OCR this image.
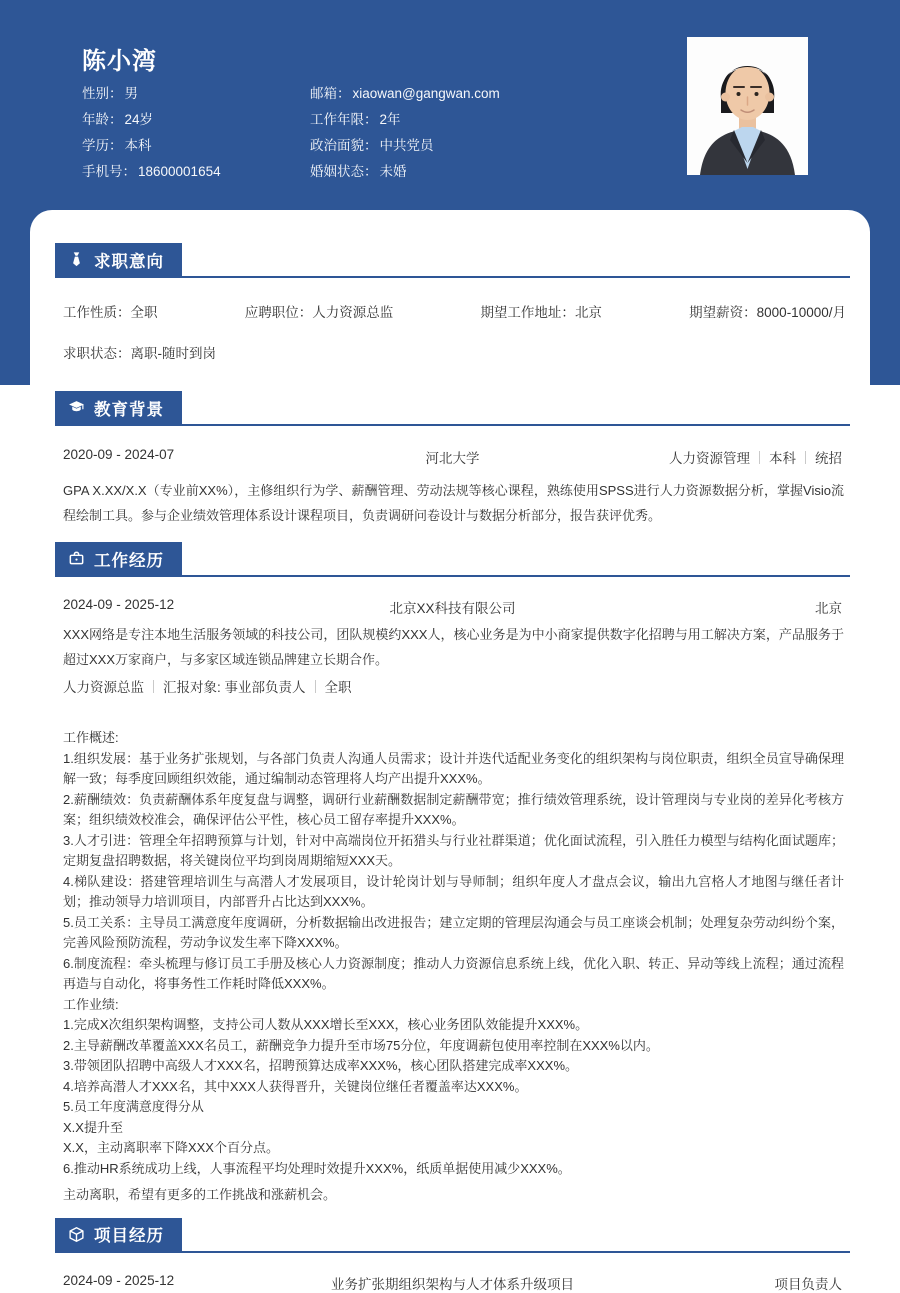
陈小湾
性别： 男
年龄： 24岁
学历： 本科
手机号： 18600001654
邮箱： xiaowan@gangwan.com
工作年限： 2年
政治面貌： 中共党员
婚姻状态： 未婚
求职意向
工作性质：全职	应聘职位：人力资源总监	期望工作地址：北京	期望薪资：8000-10000/月
求职状态：离职-随时到岗
教育背景
2020-09 - 2024-07	河北大学	人力资源管理 本科 统招
GPA X.XX/X.X（专业前XX%），主修组织行为学、薪酬管理、劳动法规等核心课程，熟练使用SPSS进行人力资源数据分析，掌握Visio流程绘制工具。参与企业绩效管理体系设计课程项目，负责调研问卷设计与数据分析部分，报告获评优秀。
工作经历
2024-09 - 2025-12	北京XX科技有限公司	北京
XXX网络是专注本地生活服务领域的科技公司，团队规模约XXX人，核心业务是为中小商家提供数字化招聘与用工解决方案，产品服务于超过XXX万家商户，与多家区域连锁品牌建立长期合作。
人力资源总监 汇报对象: 事业部负责人 全职
工作概述:
1.组织发展：基于业务扩张规划，与各部门负责人沟通人员需求；设计并迭代适配业务变化的组织架构与岗位职责，组织全员宣导确保理解一致；每季度回顾组织效能，通过编制动态管理将人均产出提升XXX%。
2.薪酬绩效：负责薪酬体系年度复盘与调整，调研行业薪酬数据制定薪酬带宽；推行绩效管理系统，设计管理岗与专业岗的差异化考核方案；组织绩效校准会，确保评估公平性，核心员工留存率提升XXX%。
3.人才引进：管理全年招聘预算与计划，针对中高端岗位开拓猎头与行业社群渠道；优化面试流程，引入胜任力模型与结构化面试题库；定期复盘招聘数据，将关键岗位平均到岗周期缩短XXX天。
4.梯队建设：搭建管理培训生与高潜人才发展项目，设计轮岗计划与导师制；组织年度人才盘点会议，输出九宫格人才地图与继任者计划；推动领导力培训项目，内部晋升占比达到XXX%。
5.员工关系：主导员工满意度年度调研，分析数据输出改进报告；建立定期的管理层沟通会与员工座谈会机制；处理复杂劳动纠纷个案，完善风险预防流程，劳动争议发生率下降XXX%。
6.制度流程：牵头梳理与修订员工手册及核心人力资源制度；推动人力资源信息系统上线，优化入职、转正、异动等线上流程；通过流程再造与自动化，将事务性工作耗时降低XXX%。
工作业绩:
1.完成X次组织架构调整，支持公司人数从XXX增长至XXX，核心业务团队效能提升XXX%。
2.主导薪酬改革覆盖XXX名员工，薪酬竞争力提升至市场75分位，年度调薪包使用率控制在XXX%以内。
3.带领团队招聘中高级人才XXX名，招聘预算达成率XXX%，核心团队搭建完成率XXX%。
4.培养高潜人才XXX名，其中XXX人获得晋升，关键岗位继任者覆盖率达XXX%。
5.员工年度满意度得分从
X.X提升至
X.X，主动离职率下降XXX个百分点。
6.推动HR系统成功上线，人事流程平均处理时效提升XXX%，纸质单据使用减少XXX%。
主动离职，希望有更多的工作挑战和涨薪机会。
项目经历
2024-09 - 2025-12	业务扩张期组织架构与人才体系升级项目	项目负责人
